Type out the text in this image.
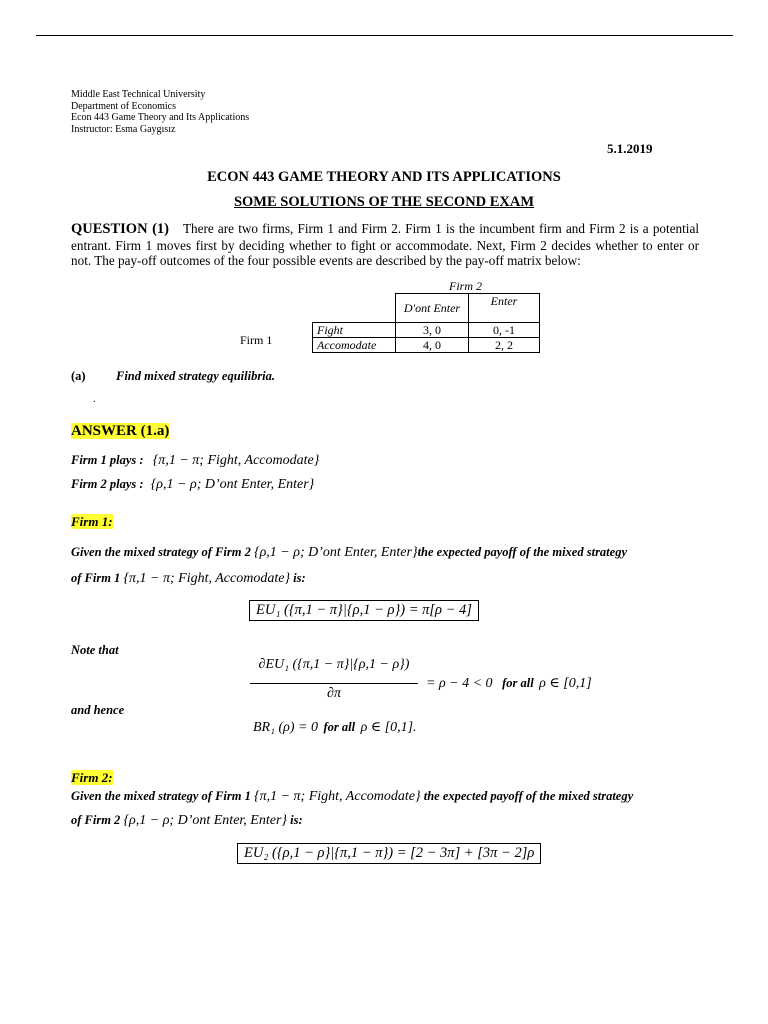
Middle East Technical University
Department of Economics
Econ 443 Game Theory and Its Applications
Instructor: Esma Gaygısız
5.1.2019
ECON 443 GAME THEORY AND ITS APPLICATIONS
SOME SOLUTIONS OF THE SECOND EXAM
QUESTION (1) There are two firms, Firm 1 and Firm 2. Firm 1 is the incumbent firm and Firm 2 is a potential entrant. Firm 1 moves first by deciding whether to fight or accommodate. Next, Firm 2 decides whether to enter or not. The pay-off outcomes of the four possible events are described by the pay-off matrix below:
Firm 2
Firm 1
	D'ont Enter	Enter
Fight	3, 0	0, -1
Accomodate	4, 0	2, 2
(a) Find mixed strategy equilibria.
.
ANSWER (1.a)
Firm 1 plays : {π,1 − π; Fight, Accomodate}
Firm 2 plays : {ρ,1 − ρ; D’ont Enter, Enter}
Firm 1:
Given the mixed strategy of Firm 2 {ρ,1 − ρ; D’ont Enter, Enter}the expected payoff of the mixed strategy
of Firm 1 {π,1 − π; Fight, Accomodate} is:
EU₁ ({π,1 − π}|{ρ,1 − ρ}) = π[ρ − 4]
Note that
∂EU₁ ({π,1 − π}|{ρ,1 − ρ})
∂π
= ρ − 4 < 0 for all ρ ∈ [0,1]
and hence
BR₁ (ρ) = 0 for all ρ ∈ [0,1].
Firm 2:
Given the mixed strategy of Firm 1 {π,1 − π; Fight, Accomodate} the expected payoff of the mixed strategy
of Firm 2 {ρ,1 − ρ; D’ont Enter, Enter} is:
EU₂ ({ρ,1 − ρ}|{π,1 − π}) = [2 − 3π] + [3π − 2]ρ
